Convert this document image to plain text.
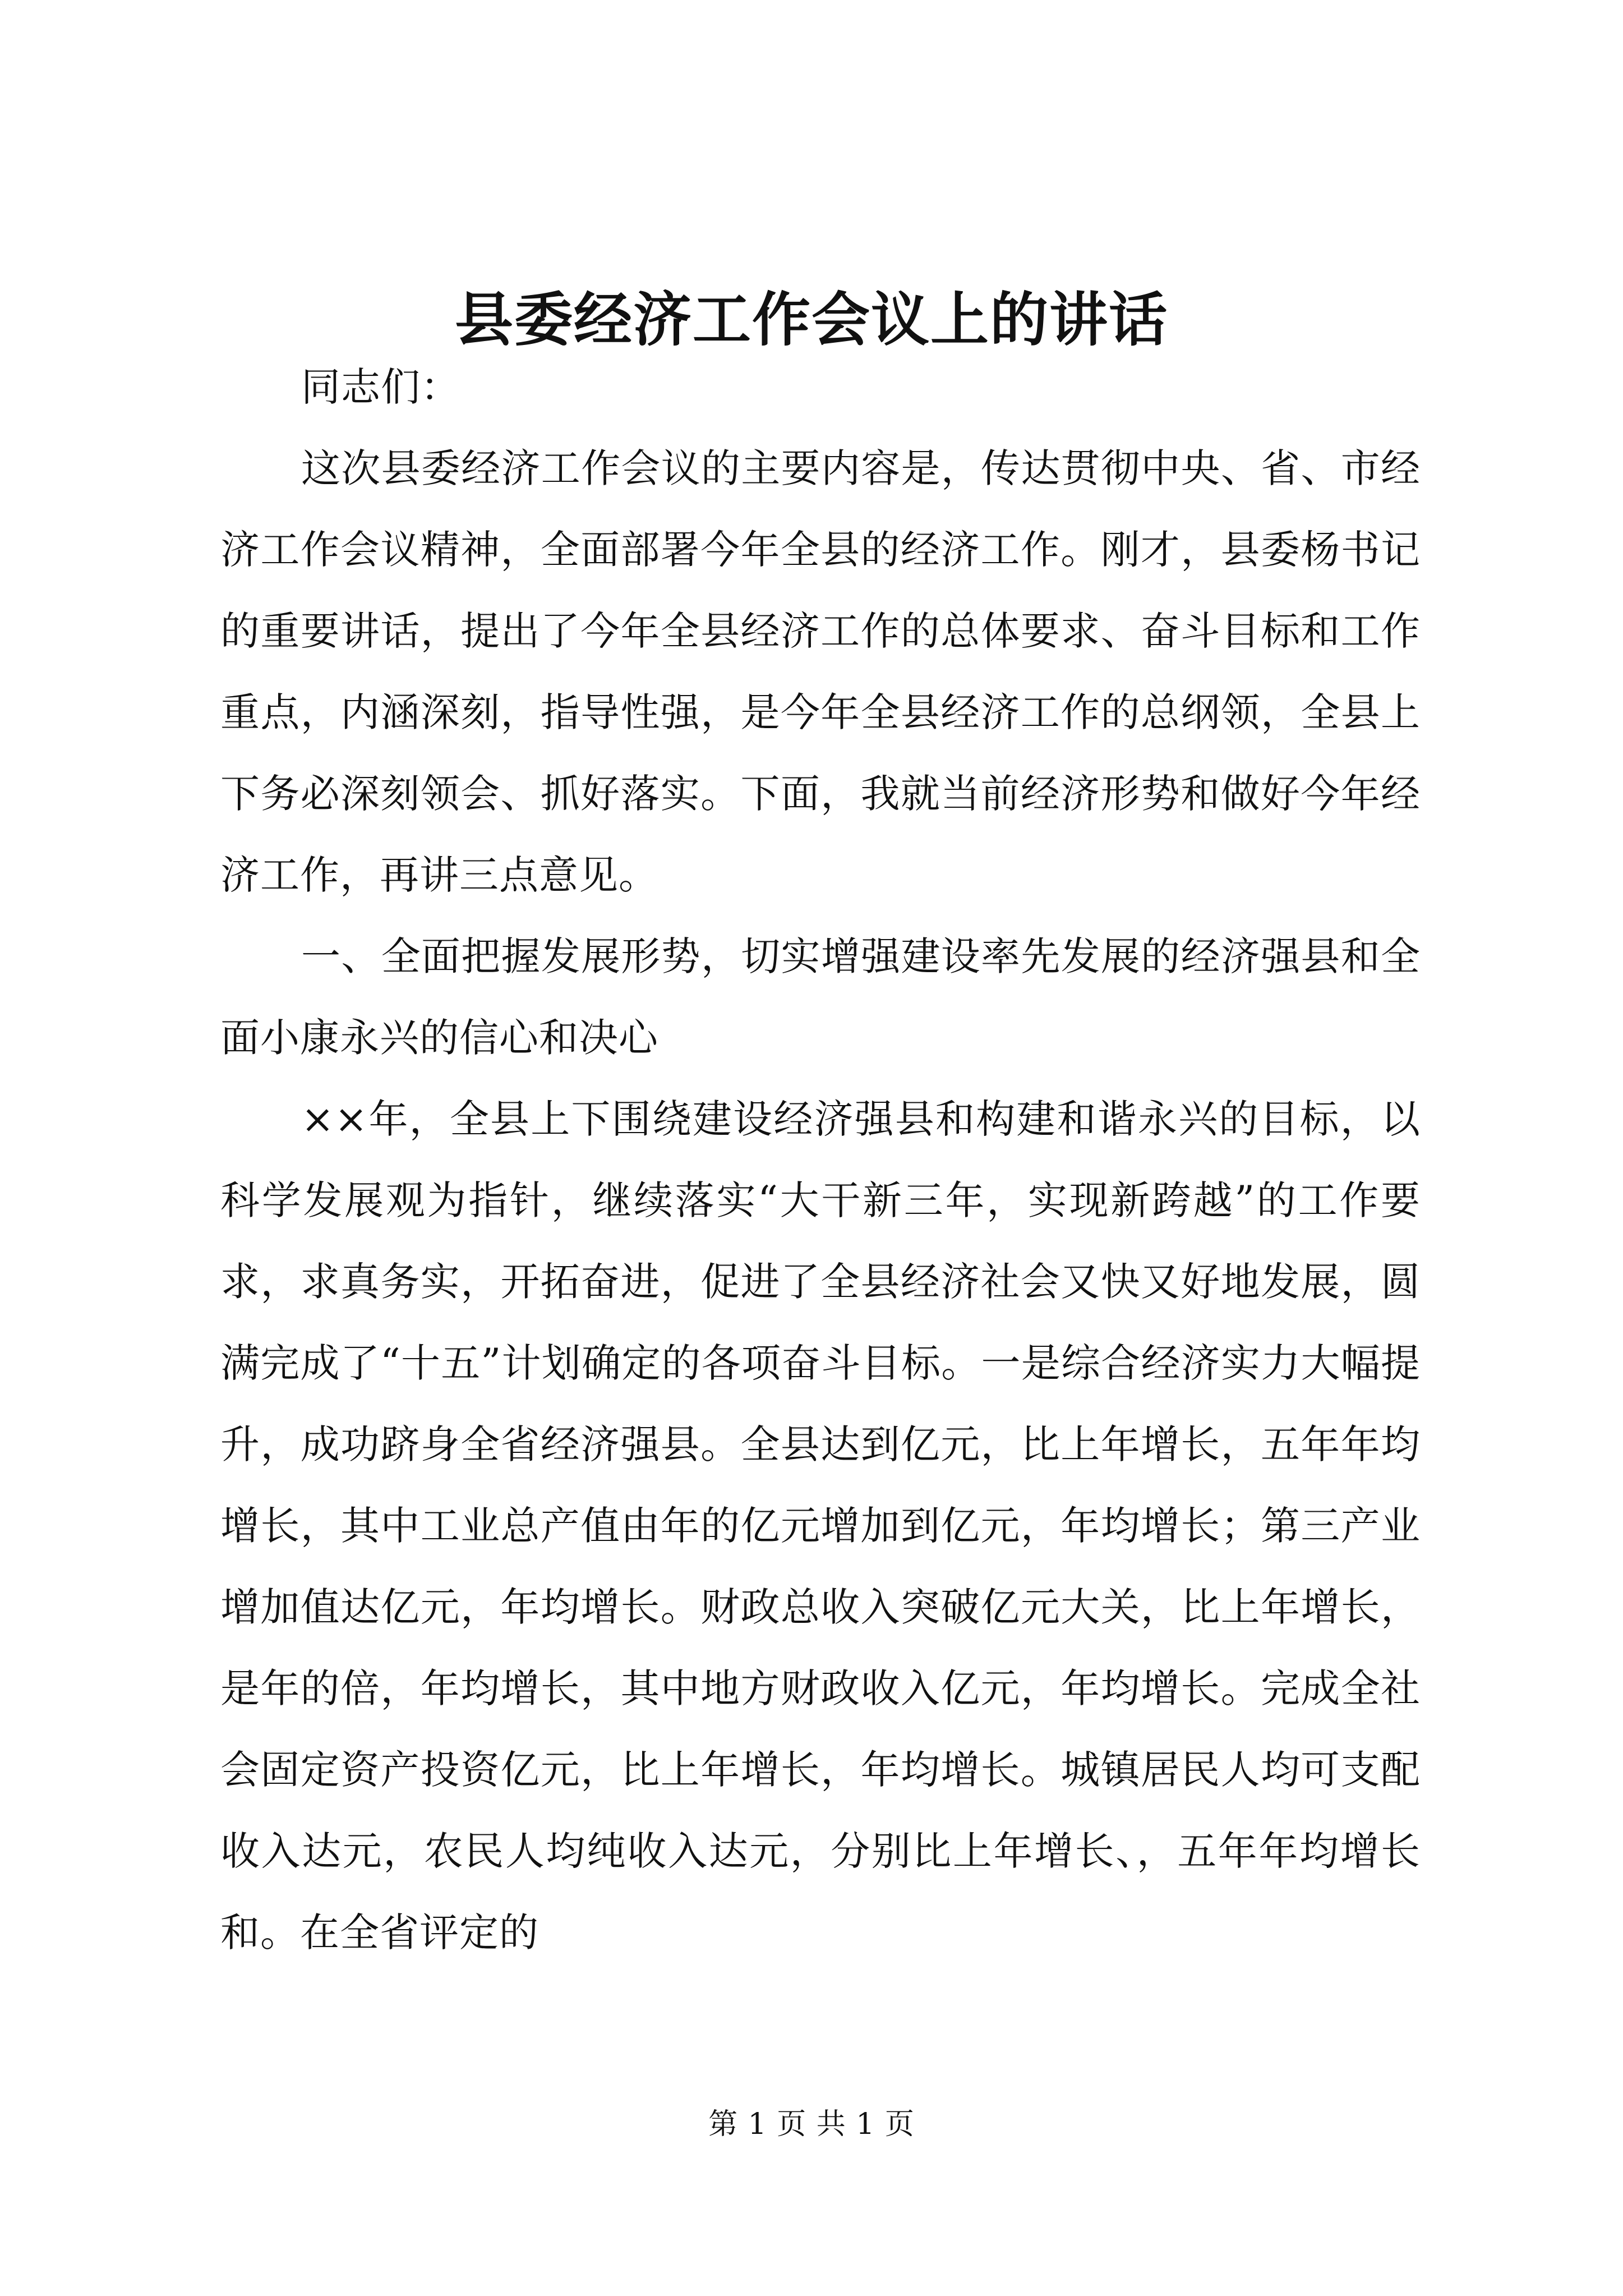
县委经济工作会议上的讲话

同志们：

这次县委经济工作会议的主要内容是，传达贯彻中央、省、市经济工作会议精神，全面部署今年全县的经济工作。刚才，县委杨书记的重要讲话，提出了今年全县经济工作的总体要求、奋斗目标和工作重点，内涵深刻，指导性强，是今年全县经济工作的总纲领，全县上下务必深刻领会、抓好落实。下面，我就当前经济形势和做好今年经济工作，再讲三点意见。

一、全面把握发展形势，切实增强建设率先发展的经济强县和全面小康永兴的信心和决心

××年，全县上下围绕建设经济强县和构建和谐永兴的目标，以科学发展观为指针，继续落实“大干新三年，实现新跨越”的工作要求，求真务实，开拓奋进，促进了全县经济社会又快又好地发展，圆满完成了“十五”计划确定的各项奋斗目标。一是综合经济实力大幅提升，成功跻身全省经济强县。全县达到亿元，比上年增长，五年年均增长，其中工业总产值由年的亿元增加到亿元，年均增长；第三产业增加值达亿元，年均增长。财政总收入突破亿元大关，比上年增长，是年的倍，年均增长，其中地方财政收入亿元，年均增长。完成全社会固定资产投资亿元，比上年增长，年均增长。城镇居民人均可支配收入达元，农民人均纯收入达元，分别比上年增长、，五年年均增长和。在全省评定的

第 1 页 共 1 页
